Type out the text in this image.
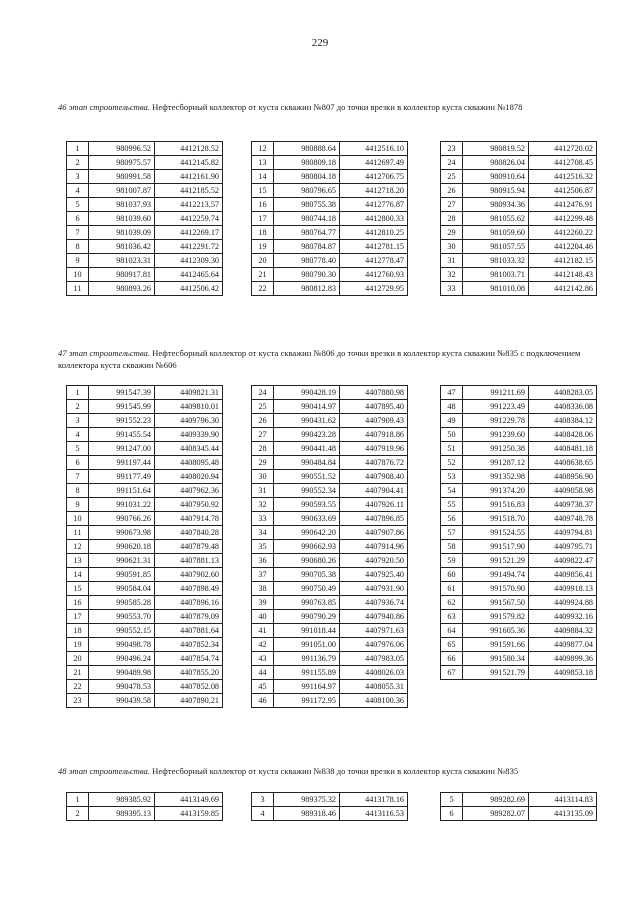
229
46 этап строительства. Нефтесборный коллектор от куста скважин №807 до точки врезки в коллектор куста скважин №1878
47 этап строительства. Нефтесборный коллектор от куста скважин №806 до точки врезки в коллектор куста скважин №835 с подключением коллектора куста скважин №606
48 этап строительства. Нефтесборный коллектор от куста скважин №838 до точки врезки в коллектор куста скважин №835
1	980996.52	4412128.52
2	980975.57	4412145.82
3	980991.58	4412161.90
4	981007.87	4412185.52
5	981037.93	4412213.57
6	981039.60	4412259.74
7	981039.09	4412269.17
8	981036.42	4412291.72
9	981023.31	4412309.30
10	980917.81	4412465.64
11	980893.26	4412506.42
12	980888.64	4412516.10
13	980809.18	4412697.49
14	980804.18	4412706.75
15	980796.65	4412718.20
16	980755.38	4412776.87
17	980744.18	4412800.33
18	980764.77	4412810.25
19	980784.87	4412781.15
20	980778.40	4412778.47
21	980790.30	4412760.93
22	980812.83	4412729.95
23	980819.52	4412720.02
24	980826.04	4412708.45
25	980910.64	4412516.32
26	980915.94	4412506.87
27	980934.36	4412476.91
28	981055.62	4412299.48
29	981059.60	4412260.22
30	981057.55	4412204.46
31	981033.32	4412182.15
32	981003.71	4412148.43
33	981010.08	4412142.86
1	991547.39	4409821.31
2	991545.99	4409810.01
3	991552.23	4409796.30
4	991455.54	4409339.90
5	991247.00	4408345.44
6	991197.44	4408095.48
7	991177.49	4408020.94
8	991151.64	4407962.36
9	991031.22	4407950.92
10	990766.26	4407914.78
11	990673.98	4407840.28
12	990620.18	4407879.48
13	990621.31	4407881.13
14	990591.85	4407902.60
15	990584.04	4407898.49
16	990585.28	4407896.16
17	990553.70	4407879.09
18	990552.15	4407881.64
19	990498.78	4407852.34
20	990496.24	4407854.74
21	990489.98	4407855.20
22	990478.53	4407852.08
23	990439.58	4407890.21
24	990428.19	4407880.98
25	990414.97	4407895.40
26	990431.62	4407909.43
27	990423.28	4407918.86
28	990441.48	4407919.96
29	990484.84	4407876.72
30	990551.52	4407908.40
31	990552.34	4407904.41
32	990593.55	4407926.11
33	990633.69	4407896.85
34	990642.20	4407907.86
35	990662.93	4407914.96
36	990680.26	4407920.50
37	990705.38	4407925.40
38	990750.49	4407931.90
39	990763.85	4407936.74
40	990790.29	4407940.86
41	991018.44	4407971.63
42	991051.00	4407976.06
43	991136.79	4407983.05
44	991155.89	4408026.03
45	991164.97	4408055.31
46	991172.95	4408100.36
47	991211.69	4408283.05
48	991223.49	4408336.08
49	991229.78	4408384.12
50	991239.60	4408428.06
51	991250.38	4408481.18
52	991287.12	4408638.65
53	991352.98	4408956.90
54	991374.20	4409058.98
55	991516.83	4409738.37
56	991518.70	4409748.78
57	991524.55	4409794.81
58	991517.90	4409795.71
59	991521.29	4409822.47
60	991494.74	4409856.41
61	991570.90	4409918.13
62	991567.50	4409924.88
63	991579.82	4409932.16
64	991605.36	4409884.32
65	991591.66	4409877.04
66	991580.34	4409899.36
67	991521.79	4409853.18
1	989385.92	4413149.69
2	989395.13	4413159.85
3	989375.32	4413178.16
4	989318.46	4413116.53
5	989282.69	4413114.83
6	989282.07	4413135.09
